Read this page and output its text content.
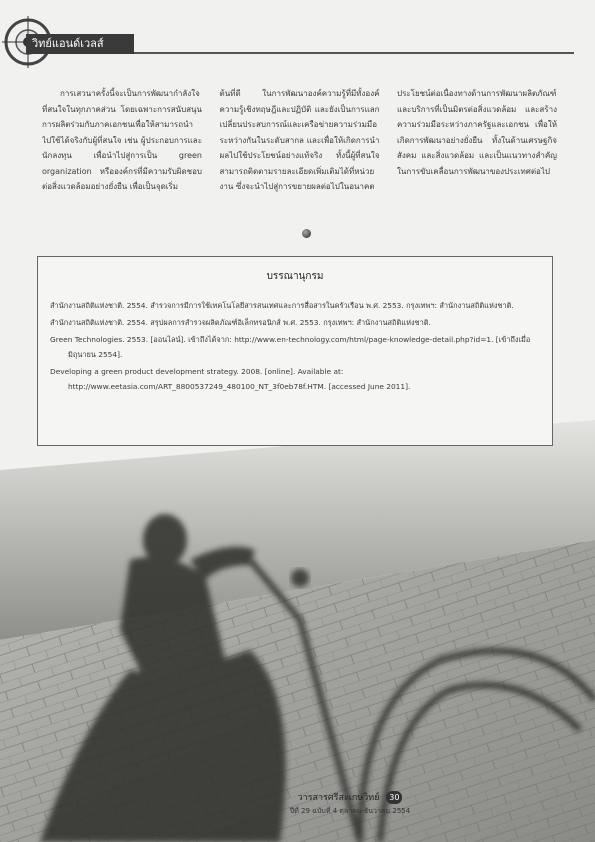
วิทย์แอนด์เวลส์

การเสวนาครั้งนี้จะเป็นการพัฒนากำลังใจที่สนใจในทุกภาคส่วน โดยเฉพาะการสนับสนุนการผลิตร่วมกับภาคเอกชนเพื่อให้สามารถนำไปใช้ได้จริงกับผู้ที่สนใจ เช่น ผู้ประกอบการและนักลงทุน เพื่อนำไปสู่การเป็น green organization หรือองค์กรที่มีความรับผิดชอบต่อสิ่งแวดล้อมอย่างยั่งยืน เพื่อเป็นจุดเริ่ม

ต้นที่ดี ในการพัฒนาองค์ความรู้ที่มีทั้งองค์ความรู้เชิงทฤษฎีและปฏิบัติ และยังเป็นการแลกเปลี่ยนประสบการณ์และเครือข่ายความร่วมมือระหว่างกันในระดับสากล และเพื่อให้เกิดการนำผลไปใช้ประโยชน์อย่างแท้จริง ทั้งนี้ผู้ที่สนใจสามารถติดตามรายละเอียดเพิ่มเติมได้ที่หน่วยงาน ซึ่งจะนำไปสู่การขยายผลต่อไปในอนาคต

ประโยชน์ต่อเนื่องทางด้านการพัฒนาผลิตภัณฑ์และบริการที่เป็นมิตรต่อสิ่งแวดล้อม และสร้างความร่วมมือระหว่างภาครัฐและเอกชน เพื่อให้เกิดการพัฒนาอย่างยั่งยืน ทั้งในด้านเศรษฐกิจ สังคม และสิ่งแวดล้อม และเป็นแนวทางสำคัญในการขับเคลื่อนการพัฒนาของประเทศต่อไป

บรรณานุกรม

สำนักงานสถิติแห่งชาติ. 2554. สำรวจการมีการใช้เทคโนโลยีสารสนเทศและการสื่อสารในครัวเรือน พ.ศ. 2553. กรุงเทพฯ: สำนักงานสถิติแห่งชาติ.

สำนักงานสถิติแห่งชาติ. 2554. สรุปผลการสำรวจผลิตภัณฑ์อิเล็กทรอนิกส์ พ.ศ. 2553. กรุงเทพฯ: สำนักงานสถิติแห่งชาติ.

Green Technologies. 2553. [ออนไลน์]. เข้าถึงได้จาก: http://www.en-technology.com/html/page-knowledge-detail.php?id=1. [เข้าถึงเมื่อ มิถุนายน 2554].

Developing a green product development strategy. 2008. [online]. Available at: http://www.eetasia.com/ART_8800537249_480100_NT_3f0eb78f.HTM. [accessed June 2011].

วารสารศรีสะเกษวิทย์ 30
ปีที่ 29 ฉบับที่ 4 ตุลาคม-ธันวาคม 2554
